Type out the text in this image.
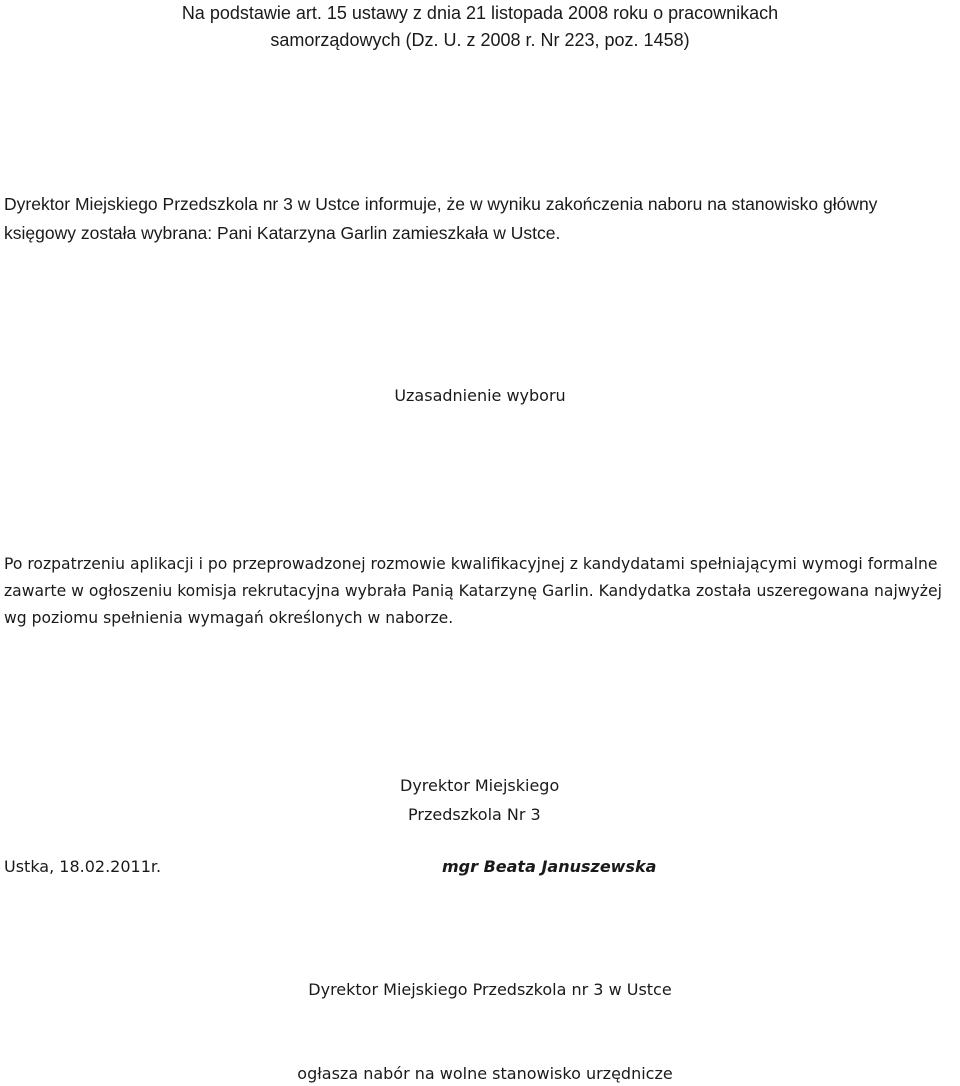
Na podstawie art. 15 ustawy z dnia 21 listopada 2008 roku o pracownikach
samorządowych (Dz. U. z 2008 r. Nr 223, poz. 1458)

Dyrektor Miejskiego Przedszkola nr 3 w Ustce informuje, że w wyniku zakończenia naboru na stanowisko główny księgowy została wybrana: Pani Katarzyna Garlin zamieszkała w Ustce.

Uzasadnienie wyboru

Po rozpatrzeniu aplikacji i po przeprowadzonej rozmowie kwalifikacyjnej z kandydatami spełniającymi wymogi formalne zawarte w ogłoszeniu komisja rekrutacyjna wybrała Panią Katarzynę Garlin. Kandydatka została uszeregowana najwyżej wg poziomu spełnienia wymagań określonych w naborze.

Dyrektor Miejskiego
Przedszkola Nr 3
Ustka, 18.02.2011r.	mgr Beata Januszewska
Dyrektor Miejskiego Przedszkola nr 3 w Ustce
ogłasza nabór na wolne stanowisko urzędnicze
